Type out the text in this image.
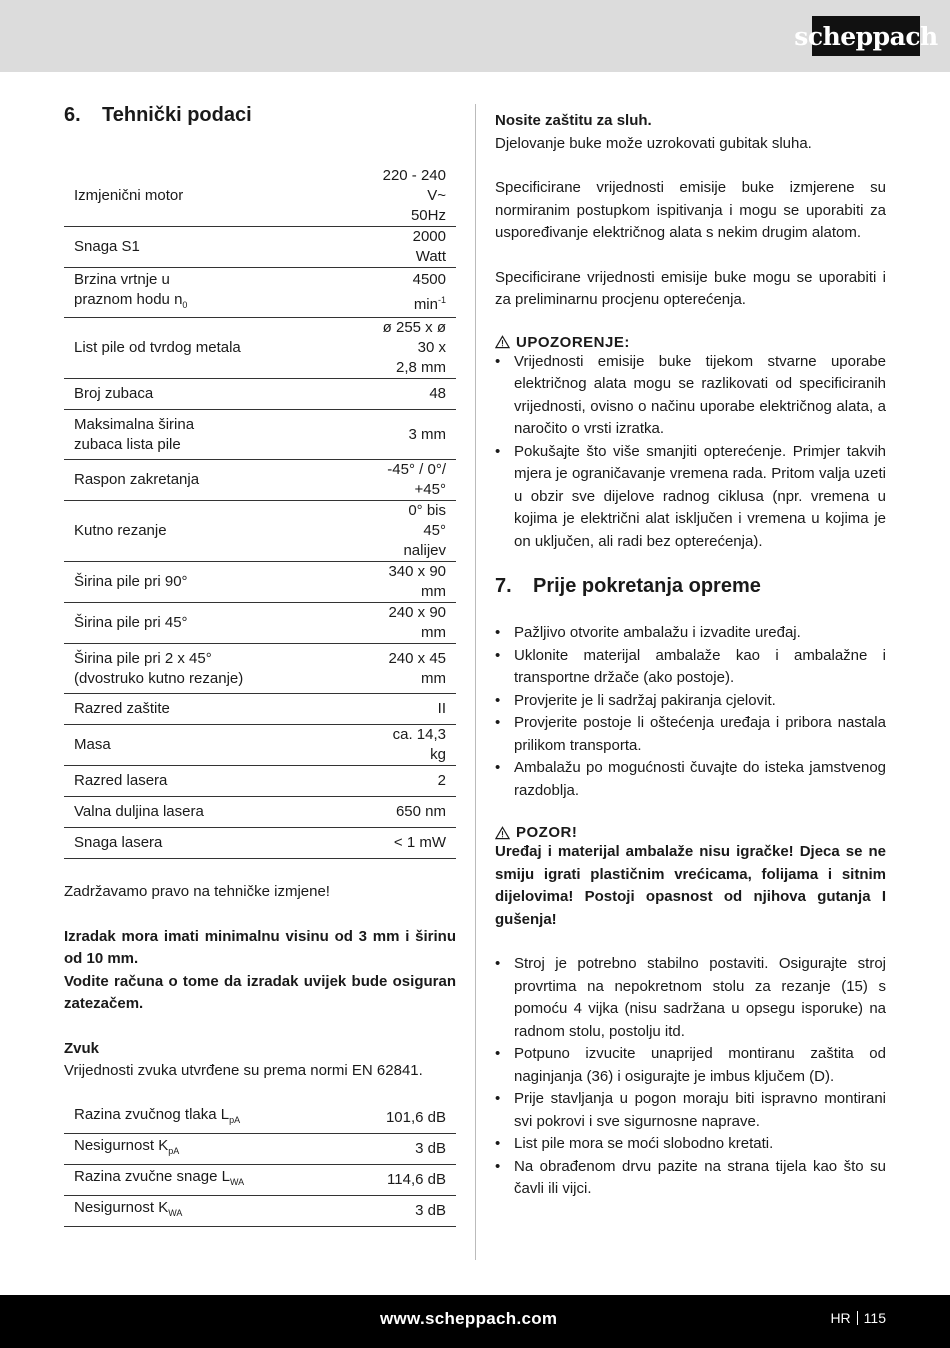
scheppach
6.	Tehnički podaci
Izmjenični motor	220 - 240 V~
50Hz
Snaga S1	2000 Watt
Brzina vrtnje u praznom hodu $n_0$	4500 $\min^{-1}$
List pile od tvrdog metala	ø 255 x ø 30 x
2,8 mm
Broj zubaca	48
Maksimalna širina zubaca lista pile	3 mm
Raspon zakretanja	-45° / 0°/ +45°
Kutno rezanje	0° bis 45° nalijev
Širina pile pri 90°	340 x 90 mm
Širina pile pri 45°	240 x 90 mm
Širina pile pri 2 x 45°
(dvostruko kutno rezanje)	240 x 45 mm
Razred zaštite	II
Masa	ca. 14,3 kg
Razred lasera	2
Valna duljina lasera	650 nm
Snaga lasera	< 1 mW

Zadržavamo pravo na tehničke izmjene!

Izradak mora imati minimalnu visinu od 3 mm i širinu od 10 mm.

Vodite računa o tome da izradak uvijek bude osiguran zatezačem.

Zvuk

Vrijednosti zvuka utvrđene su prema normi EN 62841.

Razina zvučnog tlaka $L_{pA}$	101,6 dB
Nesigurnost $K_{pA}$	3 dB
Razina zvučne snage $L_{WA}$	114,6 dB
Nesigurnost $K_{WA}$	3 dB

Nosite zaštitu za sluh.

Djelovanje buke može uzrokovati gubitak sluha.

Specificirane vrijednosti emisije buke izmjerene su normiranim postupkom ispitivanja i mogu se uporabiti za uspoređivanje električnog alata s nekim drugim alatom.

Specificirane vrijednosti emisije buke mogu se uporabiti i za preliminarnu procjenu opterećenja.

UPOZORENJE:
• Vrijednosti emisije buke tijekom stvarne uporabe električnog alata mogu se razlikovati od specificiranih vrijednosti, ovisno o načinu uporabe električnog alata, a naročito o vrsti izratka.
• Pokušajte što više smanjiti opterećenje. Primjer takvih mjera je ograničavanje vremena rada. Pritom valja uzeti u obzir sve dijelove radnog ciklusa (npr. vremena u kojima je električni alat isključen i vremena u kojima je on uključen, ali radi bez opterećenja).
7.	Prije pokretanja opreme
• Pažljivo otvorite ambalažu i izvadite uređaj.
• Uklonite materijal ambalaže kao i ambalažne i transportne držače (ako postoje).
• Provjerite je li sadržaj pakiranja cjelovit.
• Provjerite postoje li oštećenja uređaja i pribora nastala prilikom transporta.
• Ambalažu po mogućnosti čuvajte do isteka jamstvenog razdoblja.
POZOR!

Uređaj i materijal ambalaže nisu igračke! Djeca se ne smiju igrati plastičnim vrećicama, folijama i sitnim dijelovima! Postoji opasnost od njihova gutanja I gušenja!

• Stroj je potrebno stabilno postaviti. Osigurajte stroj provrtima na nepokretnom stolu za rezanje (15) s pomoću 4 vijka (nisu sadržana u opsegu isporuke) na radnom stolu, postolju itd.
• Potpuno izvucite unaprijed montiranu zaštita od naginjanja (36) i osigurajte je imbus ključem (D).
• Prije stavljanja u pogon moraju biti ispravno montirani svi pokrovi i sve sigurnosne naprave.
• List pile mora se moći slobodno kretati.
• Na obrađenom drvu pazite na strana tijela kao što su čavli ili vijci.
www.scheppach.com	HR 115
